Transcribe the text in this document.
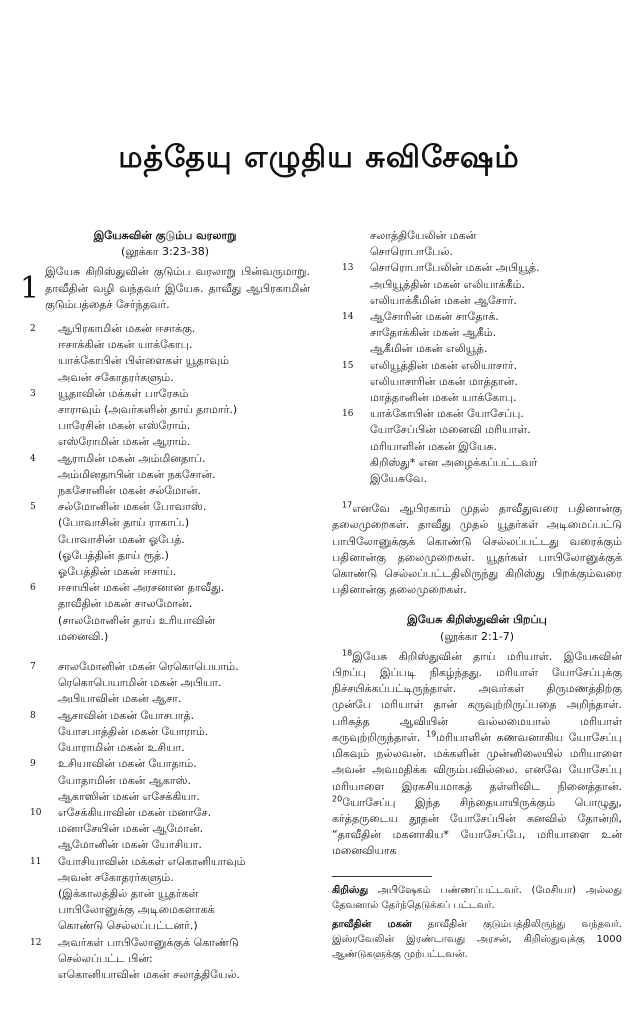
மத்தேயு எழுதிய சுவிசேஷம்

இயேசுவின் குடும்ப வரலாறு

(லூக்கா 3:23-38)

1 இயேசு கிறிஸ்துவின் குடும்ப வரலாறு பின்வருமாறு. தாவீதின் வழி வந்தவர் இயேசு. தாவீது ஆபிரகாமின் குடும்பத்தைச் சேர்ந்தவர்.

2 ஆபிரகாமின் மகன் ஈசாக்கு.
ஈசாக்கின் மகன் யாக்கோபு.
யாக்கோபின் பிள்ளைகள் யூதாவும்
அவன் சகோதரர்களும்.
3 யூதாவின் மக்கள் பாரேசும்
சாராவும் (அவர்களின் தாய் தாமார்.)
பாரேசின் மகன் எஸ்ரோம்.
எஸ்ரோமின் மகன் ஆராம்.
4 ஆராமின் மகன் அம்மினதாப்.
அம்மினதாபின் மகன் நகசோன்.
நகசோனின் மகன் சல்மோன்.
5 சல்மோனின் மகன் போவாஸ்.
(போவாசின் தாய் ராகாப்.)
போவாசின் மகன் ஓபேத்.
(ஓபேத்தின் தாய் ரூத்.)
ஓபேத்தின் மகன் ஈசாய்.
6 ஈசாயின் மகன் அரசனான தாவீது.
தாவீதின் மகன் சாலமோன்.
(சாலமோனின் தாய் உரியாவின்
மனைவி.)
7 சாலமோனின் மகன் ரெகொபெயாம்.
ரெகொபெயாமின் மகன் அபியா.
அபியாவின் மகன் ஆசா.
8 ஆசாவின் மகன் யோசபாத்.
யோசபாத்தின் மகன் யோராம்.
யோராமின் மகன் உசியா.
9 உசியாவின் மகன் யோதாம்.
யோதாமின் மகன் ஆகாஸ்.
ஆகாஸின் மகன் எசேக்கியா.
10 எசேக்கியாவின் மகன் மனாசே.
மனாசேயின் மகன் ஆமோன்.
ஆமோனின் மகன் யோசியா.
11 யோசியாவின் மக்கள் எகொனியாவும்
அவன் சகோதரர்களும்.
(இக்காலத்தில் தான் யூதர்கள்
பாபிலோனுக்கு அடிமைகளாகக்
கொண்டு செல்லப்பட்டனர்.)
12 அவர்கள் பாபிலோனுக்குக் கொண்டு
செல்லப்பட்ட பின்:
எகொனியாவின் மகன் சலாத்தியேல்.
சலாத்தியேலின் மகன்
சொரொபாபேல்.
13 சொரொபாபேலின் மகன் அபியூத்.
அபியூத்தின் மகன் எலியாக்கீம்.
எலியாக்கீமின் மகன் ஆசோர்.
14 ஆசோரின் மகன் சாதோக்.
சாதோக்கின் மகன் ஆகீம்.
ஆகீமின் மகன் எலியூத்.
15 எலியூத்தின் மகன் எலியாசார்.
எலியாசாரின் மகன் மாத்தான்.
மாத்தானின் மகன் யாக்கோபு.
16 யாக்கோபின் மகன் யோசேப்பு.
யோசேப்பின் மனைவி மரியாள்.
மரியாளின் மகன் இயேசு.
கிறிஸ்து* என அழைக்கப்பட்டவர்
இயேசுவே.

$^{17}$எனவே ஆபிரகாம் முதல் தாவீதுவரை பதினான்கு தலைமுறைகள். தாவீது முதல் யூதர்கள் அடிமைப்பட்டு பாபிலோனுக்குக் கொண்டு செல்லப்பட்டது வரைக்கும் பதினான்கு தலைமுறைகள். யூதர்கள் பாபிலோனுக்குக் கொண்டு செல்லப்பட்டதிலிருந்து கிறிஸ்து பிறக்கும்வரை பதினான்கு தலைமுறைகள்.

இயேசு கிறிஸ்துவின் பிறப்பு

(லூக்கா 2:1-7)

$^{18}$இயேசு கிறிஸ்துவின் தாய் மரியாள். இயேசுவின் பிறப்பு இப்படி நிகழ்ந்தது. மரியாள் யோசேப்புக்கு நிச்சயிக்கப்பட்டிருந்தாள். அவர்கள் திருமணத்திற்கு முன்பே மரியாள் தான் கருவுற்றிருப்பதை அறிந்தாள். பரிசுத்த ஆவியின் வல்லமையால் மரியாள் கருவுற்றிருந்தாள். $^{19}$மரியாளின் கணவனாகிய யோசேப்பு மிகவும் நல்லவன். மக்களின் முன்னிலையில் மரியாளை அவன் அவமதிக்க விரும்பவில்லை. எனவே யோசேப்பு மரியாளை இரகசியமாகத் தள்ளிவிட நினைத்தான். $^{20}$யோசேப்பு இந்த சிந்தையாயிருக்கும் பொழுது, கர்த்தருடைய தூதன் யோசேப்பின் கனவில் தோன்றி, “தாவீதின் மகனாகிய* யோசேப்பே, மரியாளை உன் மனைவியாக

கிறிஸ்து அபிஷேகம் பண்ணப்பட்டவர். (மேசியா) அல்லது தேவனால் தேர்ந்தெடுக்கப் பட்டவர்.

தாவீதின் மகன் தாவீதின் குடும்பத்திலிருந்து வந்தவர். இஸ்ரவேலின் இரண்டாவது அரசன், கிறிஸ்துவுக்கு 1000 ஆண்டுகளுக்கு முற்பட்டவன்.
